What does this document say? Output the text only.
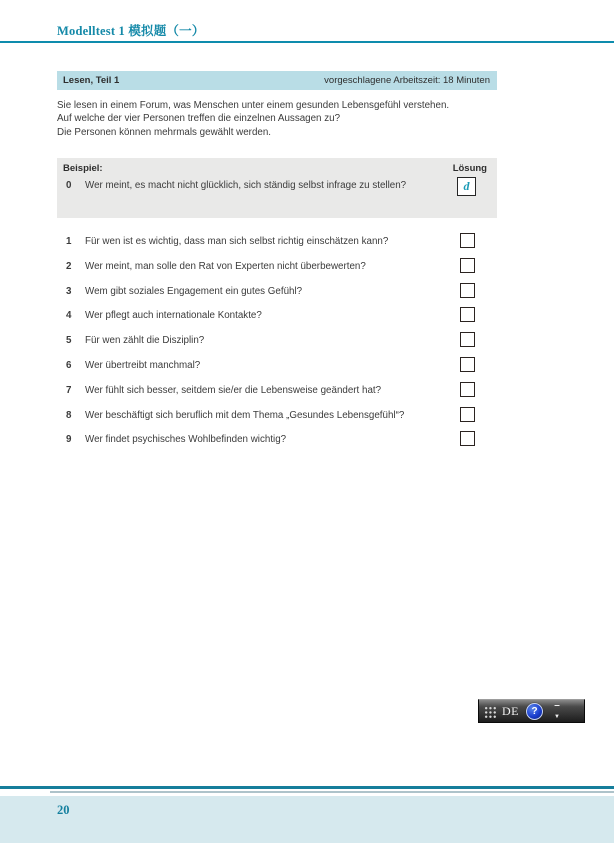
Modelltest 1 模拟题（一）
Lesen, Teil 1	vorgeschlagene Arbeitszeit: 18 Minuten
Sie lesen in einem Forum, was Menschen unter einem gesunden Lebensgefühl verstehen.
Auf welche der vier Personen treffen die einzelnen Aussagen zu?
Die Personen können mehrmals gewählt werden.
Beispiel:	Lösung
0 Wer meint, es macht nicht glücklich, sich ständig selbst infrage zu stellen?	d
1 Für wen ist es wichtig, dass man sich selbst richtig einschätzen kann?
2 Wer meint, man solle den Rat von Experten nicht überbewerten?
3 Wem gibt soziales Engagement ein gutes Gefühl?
4 Wer pflegt auch internationale Kontakte?
5 Für wen zählt die Disziplin?
6 Wer übertreibt manchmal?
7 Wer fühlt sich besser, seitdem sie/er die Lebensweise geändert hat?
8 Wer beschäftigt sich beruflich mit dem Thema „Gesundes Lebensgefühl“?
9 Wer findet psychisches Wohlbefinden wichtig?
DE	?	–
▼
20
